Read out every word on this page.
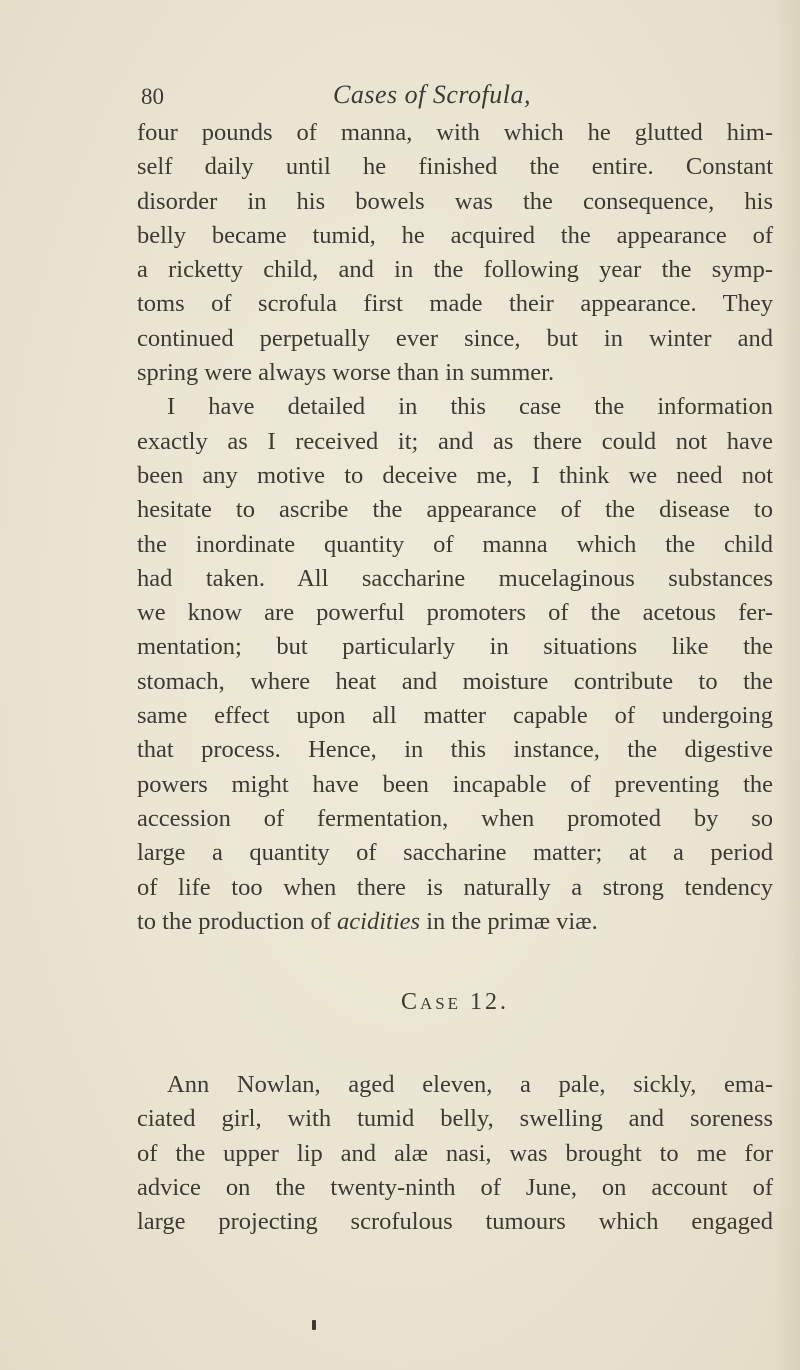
80	Cases of Scrofula,
four pounds of manna, with which he glutted him-
self daily until he finished the entire. Constant
disorder in his bowels was the consequence, his
belly became tumid, he acquired the appearance of
a ricketty child, and in the following year the symp-
toms of scrofula first made their appearance. They
continued perpetually ever since, but in winter and
spring were always worse than in summer.
I have detailed in this case the information
exactly as I received it; and as there could not have
been any motive to deceive me, I think we need not
hesitate to ascribe the appearance of the disease to
the inordinate quantity of manna which the child
had taken. All saccharine mucelaginous substances
we know are powerful promoters of the acetous fer-
mentation; but particularly in situations like the
stomach, where heat and moisture contribute to the
same effect upon all matter capable of undergoing
that process. Hence, in this instance, the digestive
powers might have been incapable of preventing the
accession of fermentation, when promoted by so
large a quantity of saccharine matter; at a period
of life too when there is naturally a strong tendency
to the production of acidities in the primæ viæ.
Case 12.
Ann Nowlan, aged eleven, a pale, sickly, ema-
ciated girl, with tumid belly, swelling and soreness
of the upper lip and alæ nasi, was brought to me for
advice on the twenty-ninth of June, on account of
large projecting scrofulous tumours which engaged
